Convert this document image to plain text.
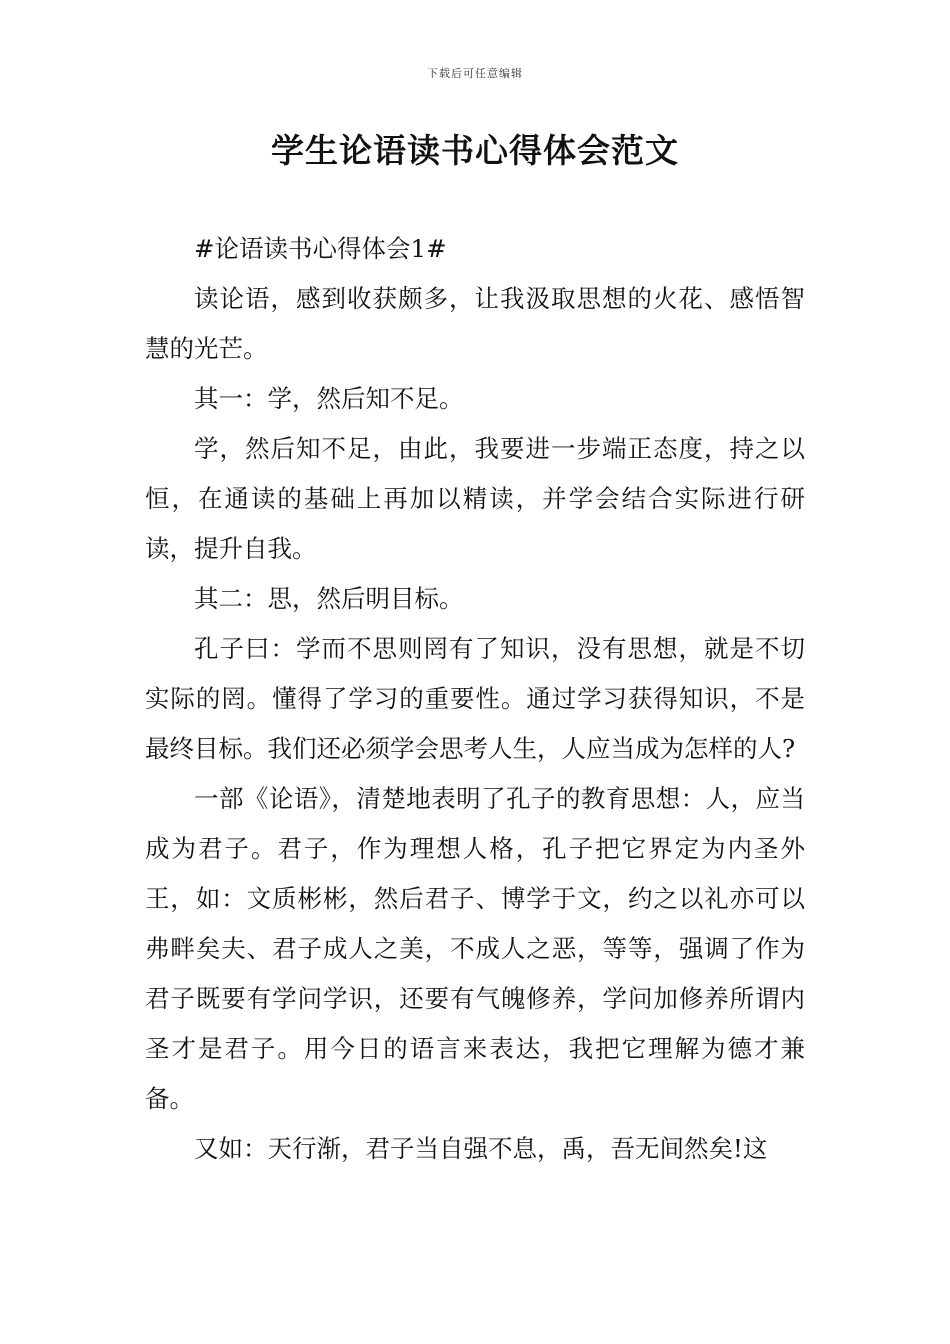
下载后可任意编辑
学生论语读书心得体会范文

#论语读书心得体会1#

读论语，感到收获颇多，让我汲取思想的火花、感悟智慧的光芒。

其一：学，然后知不足。

学，然后知不足，由此，我要进一步端正态度，持之以恒，在通读的基础上再加以精读，并学会结合实际进行研读，提升自我。

其二：思，然后明目标。

孔子曰：学而不思则罔有了知识，没有思想，就是不切实际的罔。懂得了学习的重要性。通过学习获得知识，不是最终目标。我们还必须学会思考人生，人应当成为怎样的人?

一部《论语》，清楚地表明了孔子的教育思想：人，应当成为君子。君子，作为理想人格，孔子把它界定为内圣外王，如：文质彬彬，然后君子、博学于文，约之以礼亦可以弗畔矣夫、君子成人之美，不成人之恶，等等，强调了作为君子既要有学问学识，还要有气魄修养，学问加修养所谓内圣才是君子。用今日的语言来表达，我把它理解为德才兼备。

又如：天行渐，君子当自强不息，禹，吾无间然矣!这
